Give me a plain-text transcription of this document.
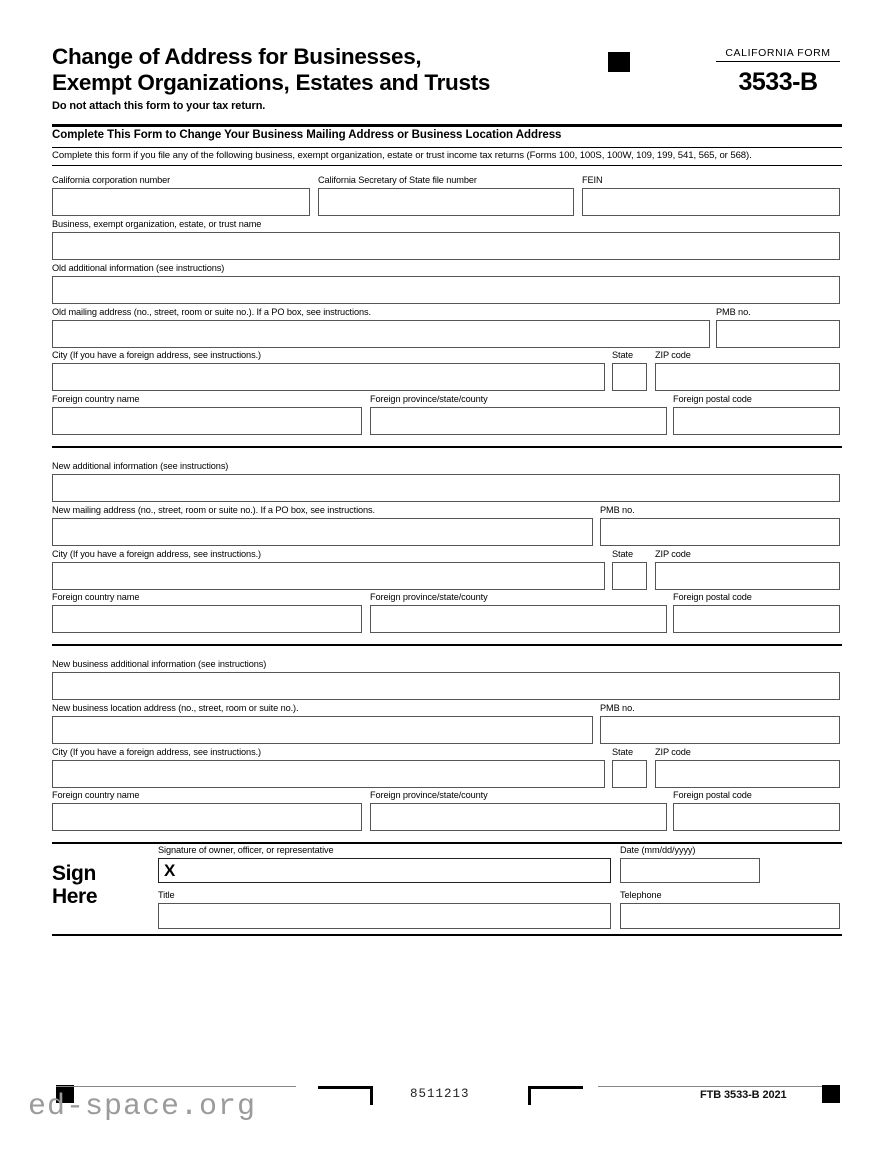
Change of Address for Businesses,
Exempt Organizations, Estates and Trusts
Do not attach this form to your tax return.
CALIFORNIA FORM
3533-B
Complete This Form to Change Your Business Mailing Address or Business Location Address
Complete this form if you file any of the following business, exempt organization, estate or trust income tax returns (Forms 100, 100S, 100W, 109, 199, 541, 565, or 568).
California corporation number	California Secretary of State file number	FEIN
Business, exempt organization, estate, or trust name
Old additional information (see instructions)
Old mailing address (no., street, room or suite no.). If a PO box, see instructions.	PMB no.
City (If you have a foreign address, see instructions.)	State	ZIP code
Foreign country name	Foreign province/state/county	Foreign postal code
New additional information (see instructions)
New mailing address (no., street, room or suite no.). If a PO box, see instructions.	PMB no.
City (If you have a foreign address, see instructions.)	State	ZIP code
Foreign country name	Foreign province/state/county	Foreign postal code
New business additional information (see instructions)
New business location address (no., street, room or suite no.).	PMB no.
City (If you have a foreign address, see instructions.)	State	ZIP code
Foreign country name	Foreign province/state/county	Foreign postal code
Sign
Here
Signature of owner, officer, or representative
X
Date (mm/dd/yyyy)
Title	Telephone
8511213	FTB 3533-B 2021
ed-space.org
